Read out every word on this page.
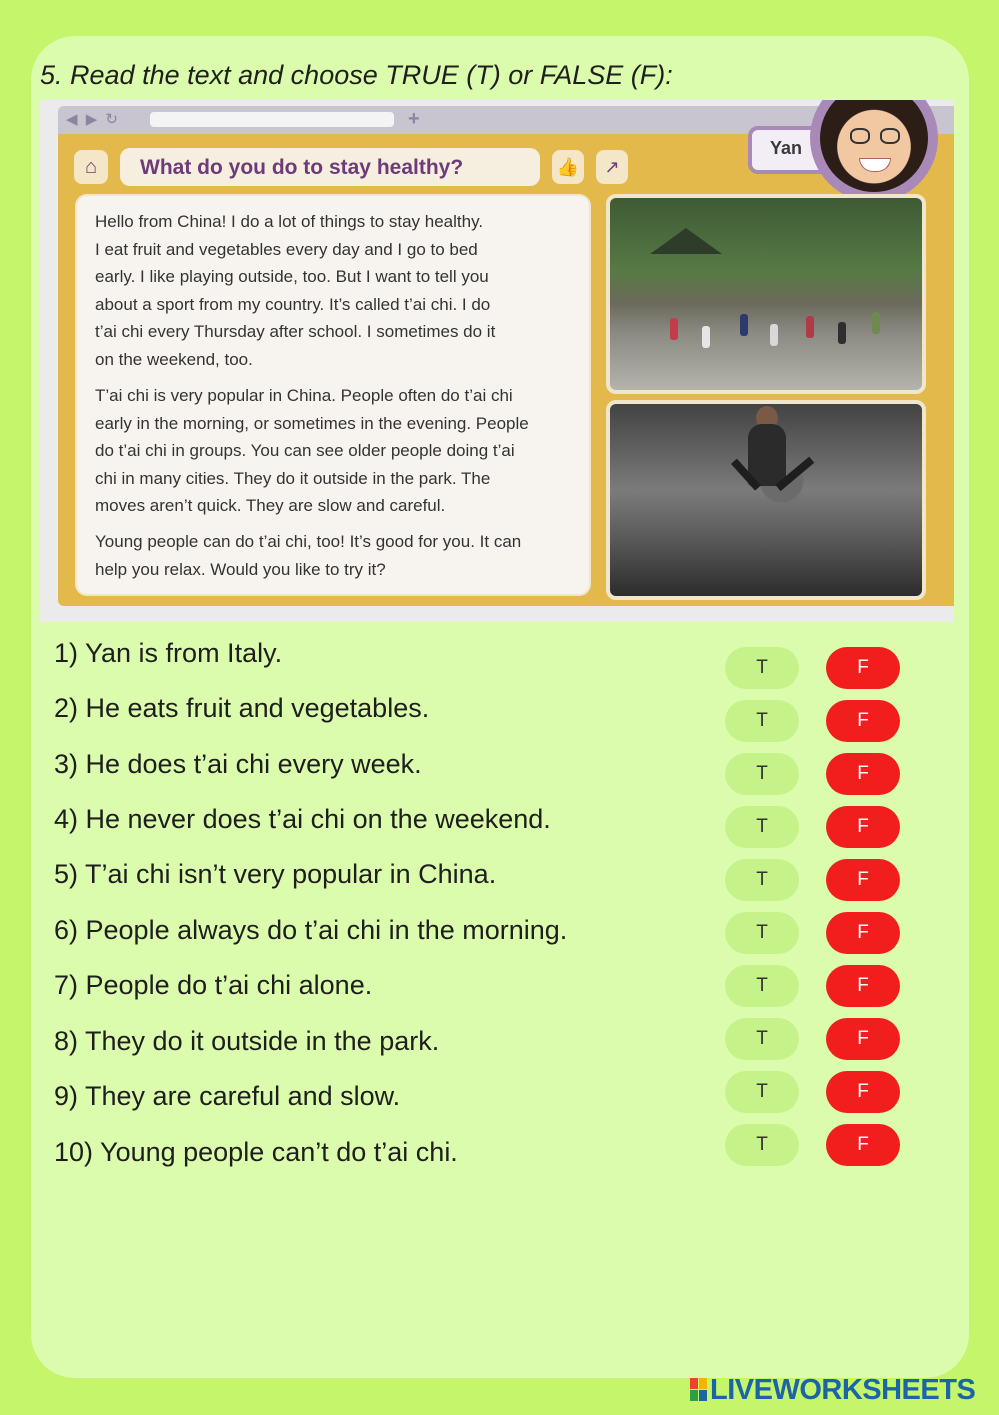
5. Read the text and choose TRUE (T) or FALSE (F):
◀ ▶ ↻	+
⌂	What do you do to stay healthy?	👍	↗
Yan
Hello from China! I do a lot of things to stay healthy.
I eat fruit and vegetables every day and I go to bed
early. I like playing outside, too. But I want to tell you
about a sport from my country. It’s called t’ai chi. I do
t’ai chi every Thursday after school. I sometimes do it
on the weekend, too.
T’ai chi is very popular in China. People often do t’ai chi
early in the morning, or sometimes in the evening. People
do t’ai chi in groups. You can see older people doing t’ai
chi in many cities. They do it outside in the park. The
moves aren’t quick. They are slow and careful.
Young people can do t’ai chi, too! It’s good for you. It can
help you relax. Would you like to try it?
1) Yan is from Italy.	T	F
2) He eats fruit and vegetables.	T	F
3) He does t’ai chi every week.	T	F
4) He never does t’ai chi on the weekend.	T	F
5) T’ai chi isn’t very popular in China.	T	F
6) People always do t’ai chi in the morning.	T	F
7) People do t’ai chi alone.	T	F
8) They do it outside in the park.	T	F
9) They are careful and slow.	T	F
10) Young people can’t do t’ai chi.	T	F
LIVEWORKSHEETS
